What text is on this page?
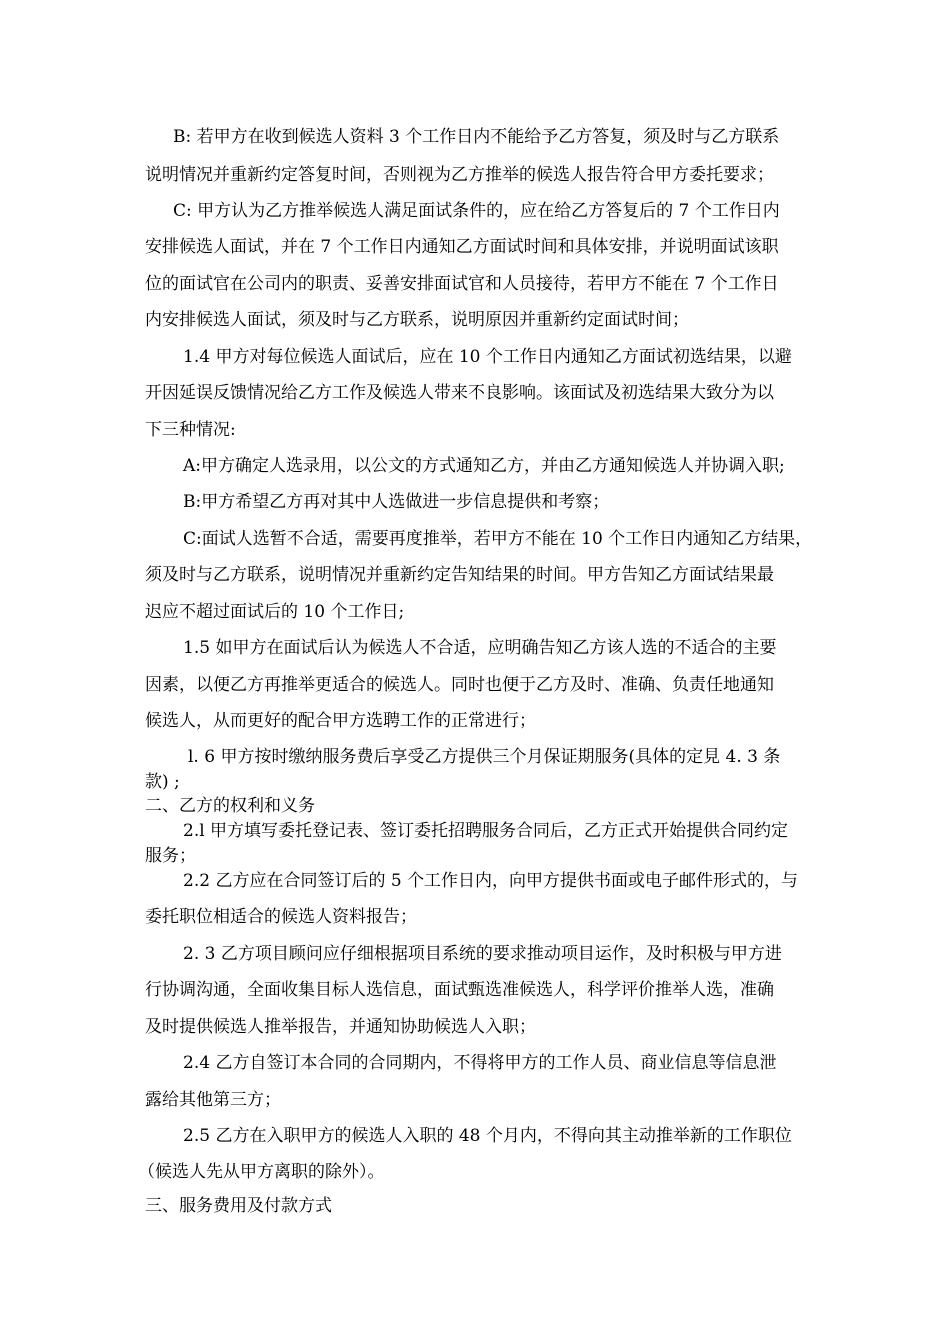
B: 若甲方在收到候选人资料 3 个工作日内不能给予乙方答复，须及时与乙方联系
说明情况并重新约定答复时间，否则视为乙方推举的候选人报告符合甲方委托要求；
C: 甲方认为乙方推举候选人满足面试条件的，应在给乙方答复后的 7 个工作日内
安排候选人面试，并在 7 个工作日内通知乙方面试时间和具体安排，并说明面试该职
位的面试官在公司内的职责、妥善安排面试官和人员接待，若甲方不能在 7 个工作日
内安排候选人面试，须及时与乙方联系，说明原因并重新约定面试时间；
1.4 甲方对每位候选人面试后，应在 10 个工作日内通知乙方面试初选结果，以避
开因延误反馈情况给乙方工作及候选人带来不良影响。该面试及初选结果大致分为以
下三种情况:
A:甲方确定人选录用，以公文的方式通知乙方，并由乙方通知候选人并协调入职;
B:甲方希望乙方再对其中人选做进一步信息提供和考察；
C:面试人选暂不合适，需要再度推举，若甲方不能在 10 个工作日内通知乙方结果，
须及时与乙方联系，说明情况并重新约定告知结果的时间。甲方告知乙方面试结果最
迟应不超过面试后的 10 个工作日;
1.5 如甲方在面试后认为候选人不合适，应明确告知乙方该人选的不适合的主要
因素，以便乙方再推举更适合的候选人。同时也便于乙方及时、准确、负责任地通知
候选人，从而更好的配合甲方选聘工作的正常进行；
l. 6 甲方按时缴纳服务费后享受乙方提供三个月保证期服务(具体的定見 4. 3 条
款) ;
二、乙方的权利和义务
2.l 甲方填写委托登记表、签订委托招聘服务合同后，乙方正式开始提供合同约定
服务；
2.2 乙方应在合同签订后的 5 个工作日内，向甲方提供书面或电子邮件形式的，与
委托职位相适合的候选人资料报告；
2. 3 乙方项目顾问应仔细根据项目系统的要求推动项目运作，及时积极与甲方进
行协调沟通，全面收集目标人选信息，面试甄选准候选人，科学评价推举人选，准确
及时提供候选人推举报告，并通知协助候选人入职；
2.4 乙方自签订本合同的合同期内，不得将甲方的工作人员、商业信息等信息泄
露给其他第三方；
2.5 乙方在入职甲方的候选人入职的 48 个月内，不得向其主动推举新的工作职位
（候选人先从甲方离职的除外）。
三、服务费用及付款方式
